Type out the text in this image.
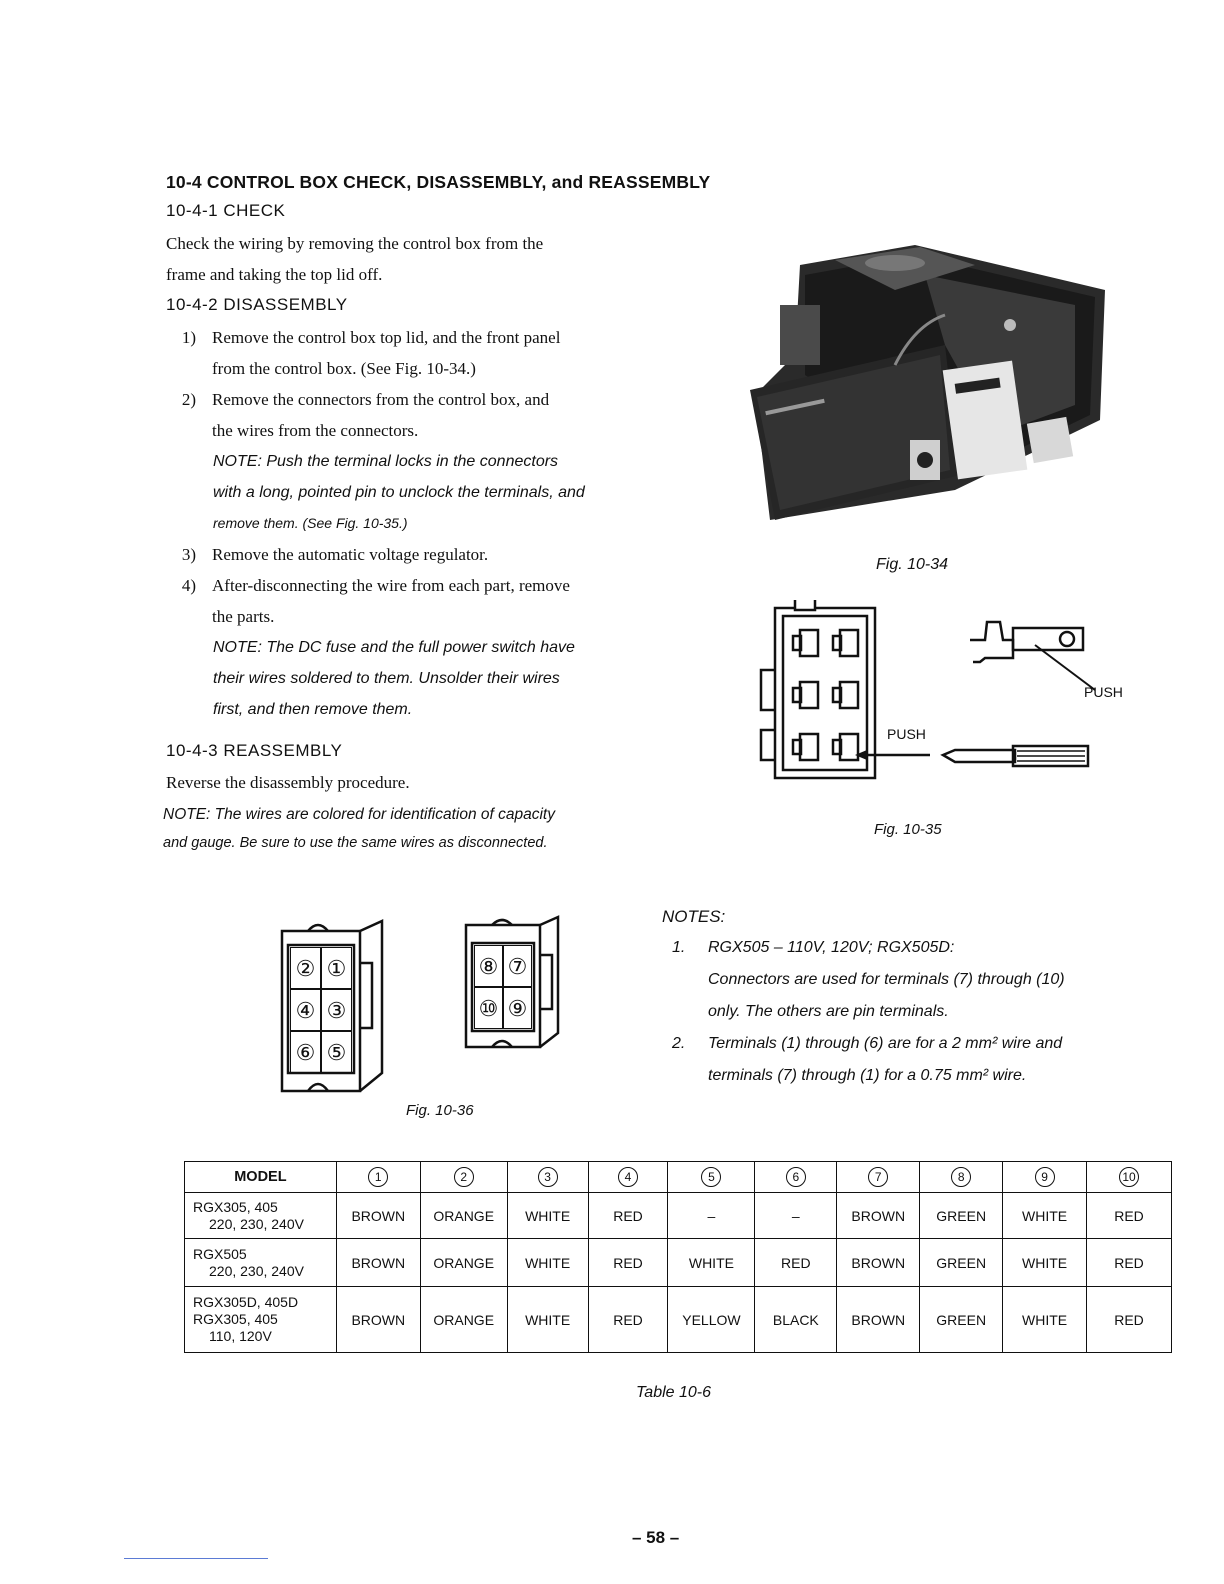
10-4 CONTROL BOX CHECK, DISASSEMBLY, and REASSEMBLY
10-4-1 CHECK
Check the wiring by removing the control box from the
frame and taking the top lid off.
10-4-2 DISASSEMBLY
1) Remove the control box top lid, and the front panel
from the control box. (See Fig. 10-34.)
2) Remove the connectors from the control box, and
the wires from the connectors.
NOTE: Push the terminal locks in the connectors
with a long, pointed pin to unclock the terminals, and
remove them. (See Fig. 10-35.)
3) Remove the automatic voltage regulator.
4) After-disconnecting the wire from each part, remove
the parts.
NOTE: The DC fuse and the full power switch have
their wires soldered to them. Unsolder their wires
first, and then remove them.
10-4-3 REASSEMBLY
Reverse the disassembly procedure.
NOTE: The wires are colored for identification of capacity
and gauge. Be sure to use the same wires as disconnected.
Fig. 10-34
PUSH
PUSH
Fig. 10-35
② ①
④ ③
⑥ ⑤
⑧ ⑦
⑩ ⑨
Fig. 10-36
NOTES:
1.	RGX505 – 110V, 120V; RGX505D:
Connectors are used for terminals (7) through (10)
only. The others are pin terminals.
2.	Terminals (1) through (6) are for a 2 mm² wire and
terminals (7) through (1) for a 0.75 mm² wire.
MODEL	1	2	3	4	5	6	7	8	9	10

RGX305, 405
220, 230, 240V	BROWN	ORANGE	WHITE	RED	–	–	BROWN	GREEN	WHITE	RED

RGX505
220, 230, 240V	BROWN	ORANGE	WHITE	RED	WHITE	RED	BROWN	GREEN	WHITE	RED

RGX305D, 405D
RGX305, 405
110, 120V	BROWN	ORANGE	WHITE	RED	YELLOW	BLACK	BROWN	GREEN	WHITE	RED
Table 10-6
– 58 –
